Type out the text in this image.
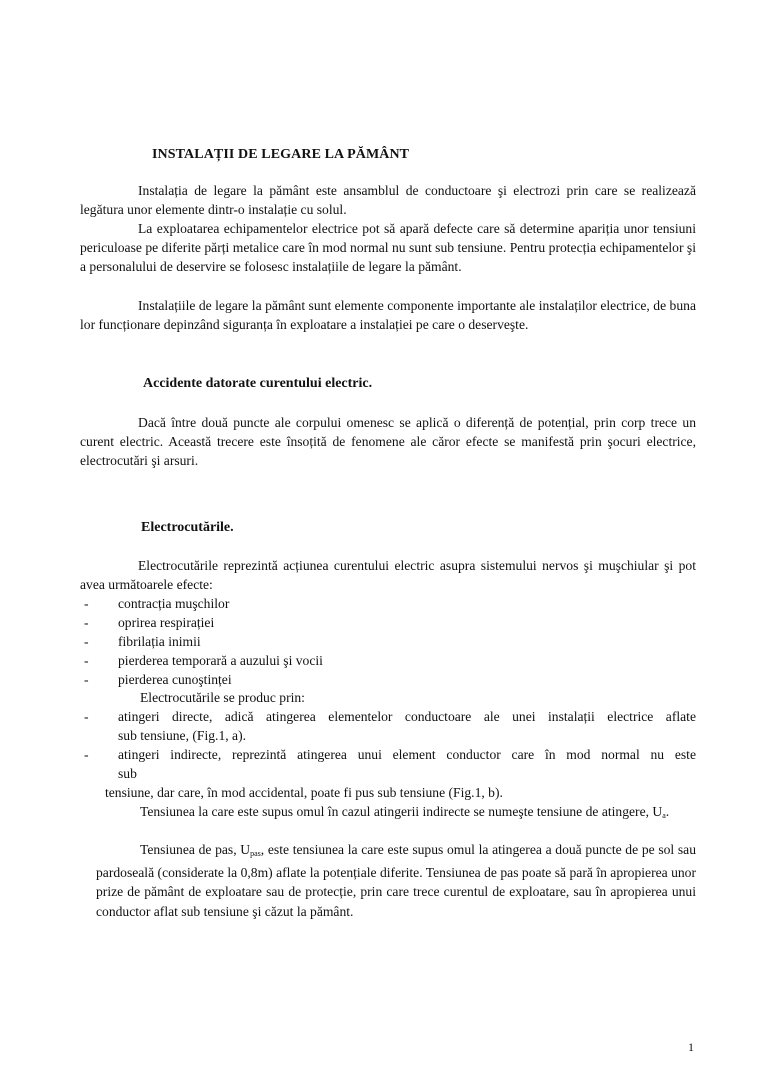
INSTALAȚII DE LEGARE LA PĂMÂNT
Instalația de legare la pământ este ansamblul de conductoare şi electrozi prin care se realizează legătura unor elemente dintr-o instalație cu solul.
La exploatarea echipamentelor electrice pot să apară defecte care să determine apariția unor tensiuni periculoase pe diferite părți metalice care în mod normal nu sunt sub tensiune. Pentru protecția echipamentelor şi a personalului de deservire se folosesc instalațiile de legare la pământ.
Instalațiile de legare la pământ sunt elemente componente importante ale instalaților electrice, de buna lor funcționare depinzând siguranța în exploatare a instalației pe care o deserveşte.
Accidente datorate curentului electric.
Dacă între două puncte ale corpului omenesc se aplică o diferență de potențial, prin corp trece un curent electric. Această trecere este însoțită de fenomene ale căror efecte se manifestă prin şocuri electrice, electrocutări şi arsuri.
Electrocutările.
Electrocutările reprezintă acțiunea curentului electric asupra sistemului nervos şi muşchiular şi pot avea următoarele efecte:
- contracția muşchilor
- oprirea respirației
- fibrilația inimii
- pierderea temporară a auzului şi vocii
- pierderea cunoştinței
Electrocutările se produc prin:
- atingeri directe, adică atingerea elementelor conductoare ale unei instalații electrice aflate
sub tensiune, (Fig.1, a).
- atingeri indirecte, reprezintă atingerea unui element conductor care în mod normal nu este
sub
tensiune, dar care, în mod accidental, poate fi pus sub tensiune (Fig.1, b).
Tensiunea la care este supus omul în cazul atingerii indirecte se numeşte tensiune de atingere, $U_a$.
Tensiunea de pas, $U_{pas}$, este tensiunea la care este supus omul la atingerea a două puncte de pe sol sau pardoseală (considerate la 0,8m) aflate la potențiale diferite. Tensiunea de pas poate să pară în apropierea unor prize de pământ de exploatare sau de protecție, prin care trece curentul de exploatare, sau în apropierea unui conductor aflat sub tensiune şi căzut la pământ.
1
